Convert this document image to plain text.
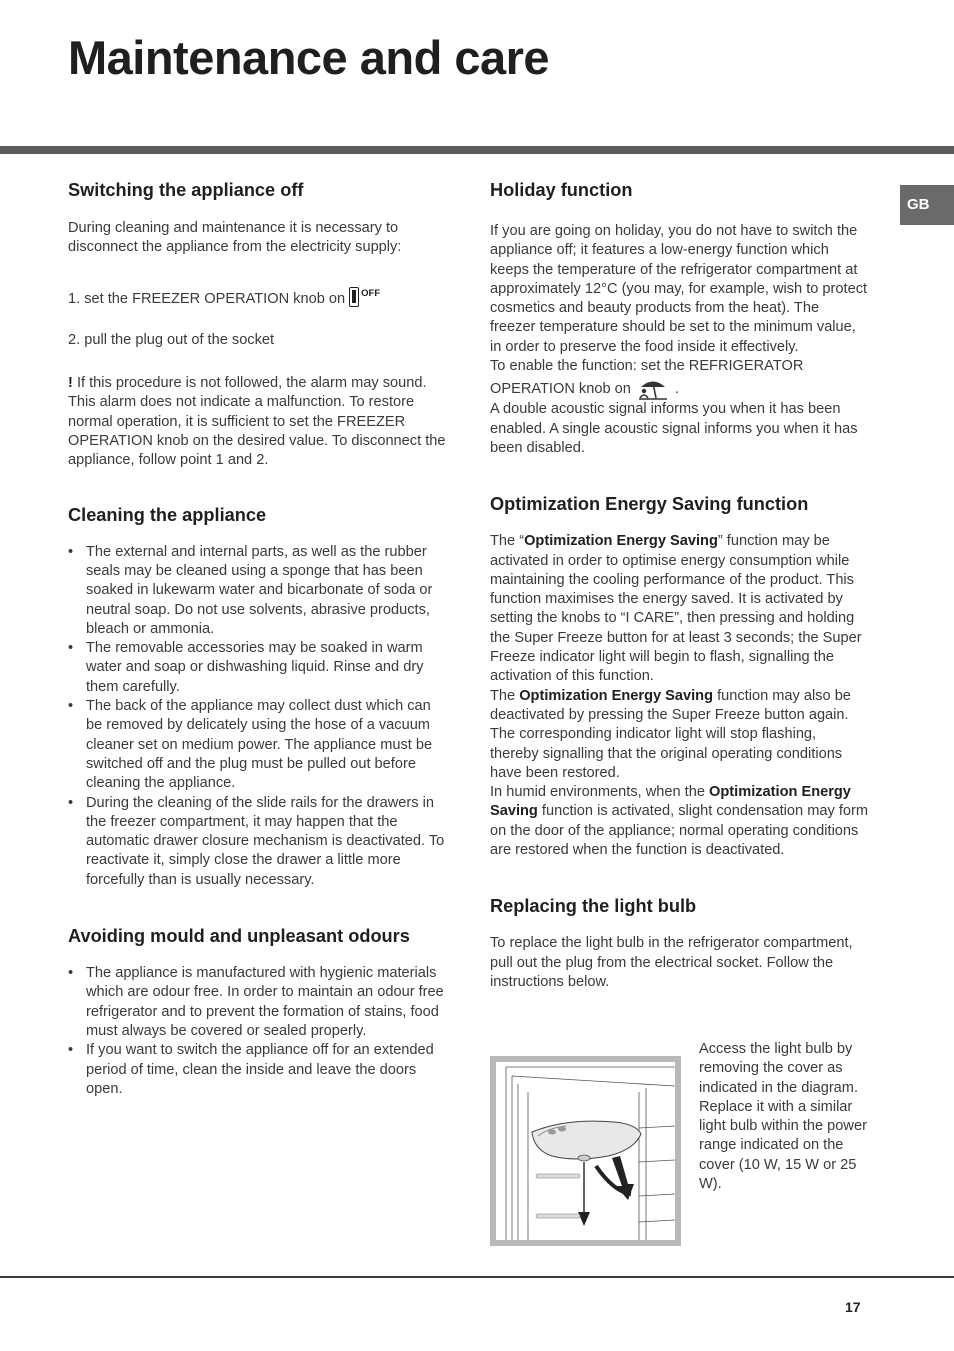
Maintenance and care
GB
Switching the appliance off

During cleaning and maintenance it is necessary to disconnect the appliance from the electricity supply:

1. set the FREEZER OPERATION knob on $^{OFF}$

2. pull the plug out of the socket

! If this procedure is not followed, the alarm may sound. This alarm does not indicate a malfunction. To restore normal operation, it is sufficient to set the FREEZER OPERATION knob on the desired value. To disconnect the appliance, follow point 1 and 2.

Cleaning the appliance
• The external and internal parts, as well as the rubber seals may be cleaned using a sponge that has been soaked in lukewarm water and bicarbonate of soda or neutral soap. Do not use solvents, abrasive products, bleach or ammonia.
• The removable accessories may be soaked in warm water and soap or dishwashing liquid. Rinse and dry them carefully.
• The back of the appliance may collect dust which can be removed by delicately using the hose of a vacuum cleaner set on medium power. The appliance must be switched off and the plug must be pulled out before cleaning the appliance.
• During the cleaning of the slide rails for the drawers in the freezer compartment, it may happen that the automatic drawer closure mechanism is deactivated. To reactivate it, simply close the drawer a little more forcefully than is usually necessary.
Avoiding mould and unpleasant odours
• The appliance is manufactured with hygienic materials which are odour free. In order to maintain an odour free refrigerator and to prevent the formation of stains, food must always be covered or sealed properly.
• If you want to switch the appliance off for an extended period of time, clean the inside and leave the doors open.
Holiday function

If you are going on holiday, you do not have to switch the appliance off; it features a low-energy function which keeps the temperature of the refrigerator compartment at approximately 12°C (you may, for example, wish to protect cosmetics and beauty products from the heat). The freezer temperature should be set to the minimum value, in order to preserve the food inside it effectively.

To enable the function: set the REFRIGERATOR OPERATION knob on	.

A double acoustic signal informs you when it has been enabled. A single acoustic signal informs you when it has been disabled.

Optimization Energy Saving function

The “Optimization Energy Saving” function may be activated in order to optimise energy consumption while maintaining the cooling performance of the product. This function maximises the energy saved. It is activated by setting the knobs to “I CARE”, then pressing and holding the Super Freeze button for at least 3 seconds; the Super Freeze indicator light will begin to flash, signalling the activation of this function.

The Optimization Energy Saving function may also be deactivated by pressing the Super Freeze button again. The corresponding indicator light will stop flashing, thereby signalling that the original operating conditions have been restored.

In humid environments, when the Optimization Energy Saving function is activated, slight condensation may form on the door of the appliance; normal operating conditions are restored when the function is deactivated.

Replacing the light bulb

To replace the light bulb in the refrigerator compartment, pull out the plug from the electrical socket. Follow the instructions below.

Access the light bulb by removing the cover as indicated in the diagram.

Replace it with a similar light bulb within the power range indicated on the cover (10 W, 15 W or 25 W).

17
